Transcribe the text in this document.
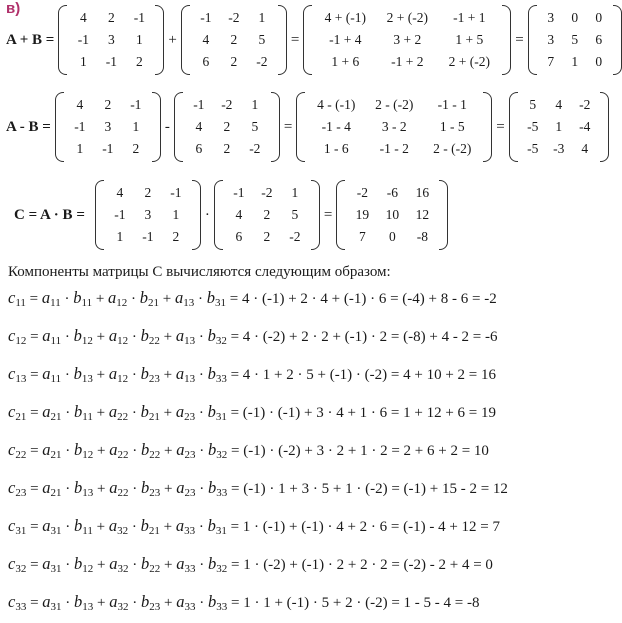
в)
A + B =
4	2	-1
-1	3	1
1	-1	2
+
-1	-2	1
4	2	5
6	2	-2
=
4 + (-1)	2 + (-2)	-1 + 1
-1 + 4	3 + 2	1 + 5
1 + 6	-1 + 2	2 + (-2)
=
3	0	0
3	5	6
7	1	0
A - B =
4	2	-1
-1	3	1
1	-1	2
-
-1	-2	1
4	2	5
6	2	-2
=
4 - (-1)	2 - (-2)	-1 - 1
-1 - 4	3 - 2	1 - 5
1 - 6	-1 - 2	2 - (-2)
=
5	4	-2
-5	1	-4
-5	-3	4
C = A · B =
4	2	-1
-1	3	1
1	-1	2
·
-1	-2	1
4	2	5
6	2	-2
=
-2	-6	16
19	10	12
7	0	-8
Компоненты матрицы C вычисляются следующим образом:
$c_{11} = a_{11} \cdot b_{11} + a_{12} \cdot b_{21} + a_{13} \cdot b_{31} = 4 \cdot (-1) + 2 \cdot 4 + (-1) \cdot 6 = (-4) + 8 - 6 = -2$
$c_{12} = a_{11} \cdot b_{12} + a_{12} \cdot b_{22} + a_{13} \cdot b_{32} = 4 \cdot (-2) + 2 \cdot 2 + (-1) \cdot 2 = (-8) + 4 - 2 = -6$
$c_{13} = a_{11} \cdot b_{13} + a_{12} \cdot b_{23} + a_{13} \cdot b_{33} = 4 \cdot 1 + 2 \cdot 5 + (-1) \cdot (-2) = 4 + 10 + 2 = 16$
$c_{21} = a_{21} \cdot b_{11} + a_{22} \cdot b_{21} + a_{23} \cdot b_{31} = (-1) \cdot (-1) + 3 \cdot 4 + 1 \cdot 6 = 1 + 12 + 6 = 19$
$c_{22} = a_{21} \cdot b_{12} + a_{22} \cdot b_{22} + a_{23} \cdot b_{32} = (-1) \cdot (-2) + 3 \cdot 2 + 1 \cdot 2 = 2 + 6 + 2 = 10$
$c_{23} = a_{21} \cdot b_{13} + a_{22} \cdot b_{23} + a_{23} \cdot b_{33} = (-1) \cdot 1 + 3 \cdot 5 + 1 \cdot (-2) = (-1) + 15 - 2 = 12$
$c_{31} = a_{31} \cdot b_{11} + a_{32} \cdot b_{21} + a_{33} \cdot b_{31} = 1 \cdot (-1) + (-1) \cdot 4 + 2 \cdot 6 = (-1) - 4 + 12 = 7$
$c_{32} = a_{31} \cdot b_{12} + a_{32} \cdot b_{22} + a_{33} \cdot b_{32} = 1 \cdot (-2) + (-1) \cdot 2 + 2 \cdot 2 = (-2) - 2 + 4 = 0$
$c_{33} = a_{31} \cdot b_{13} + a_{32} \cdot b_{23} + a_{33} \cdot b_{33} = 1 \cdot 1 + (-1) \cdot 5 + 2 \cdot (-2) = 1 - 5 - 4 = -8$
